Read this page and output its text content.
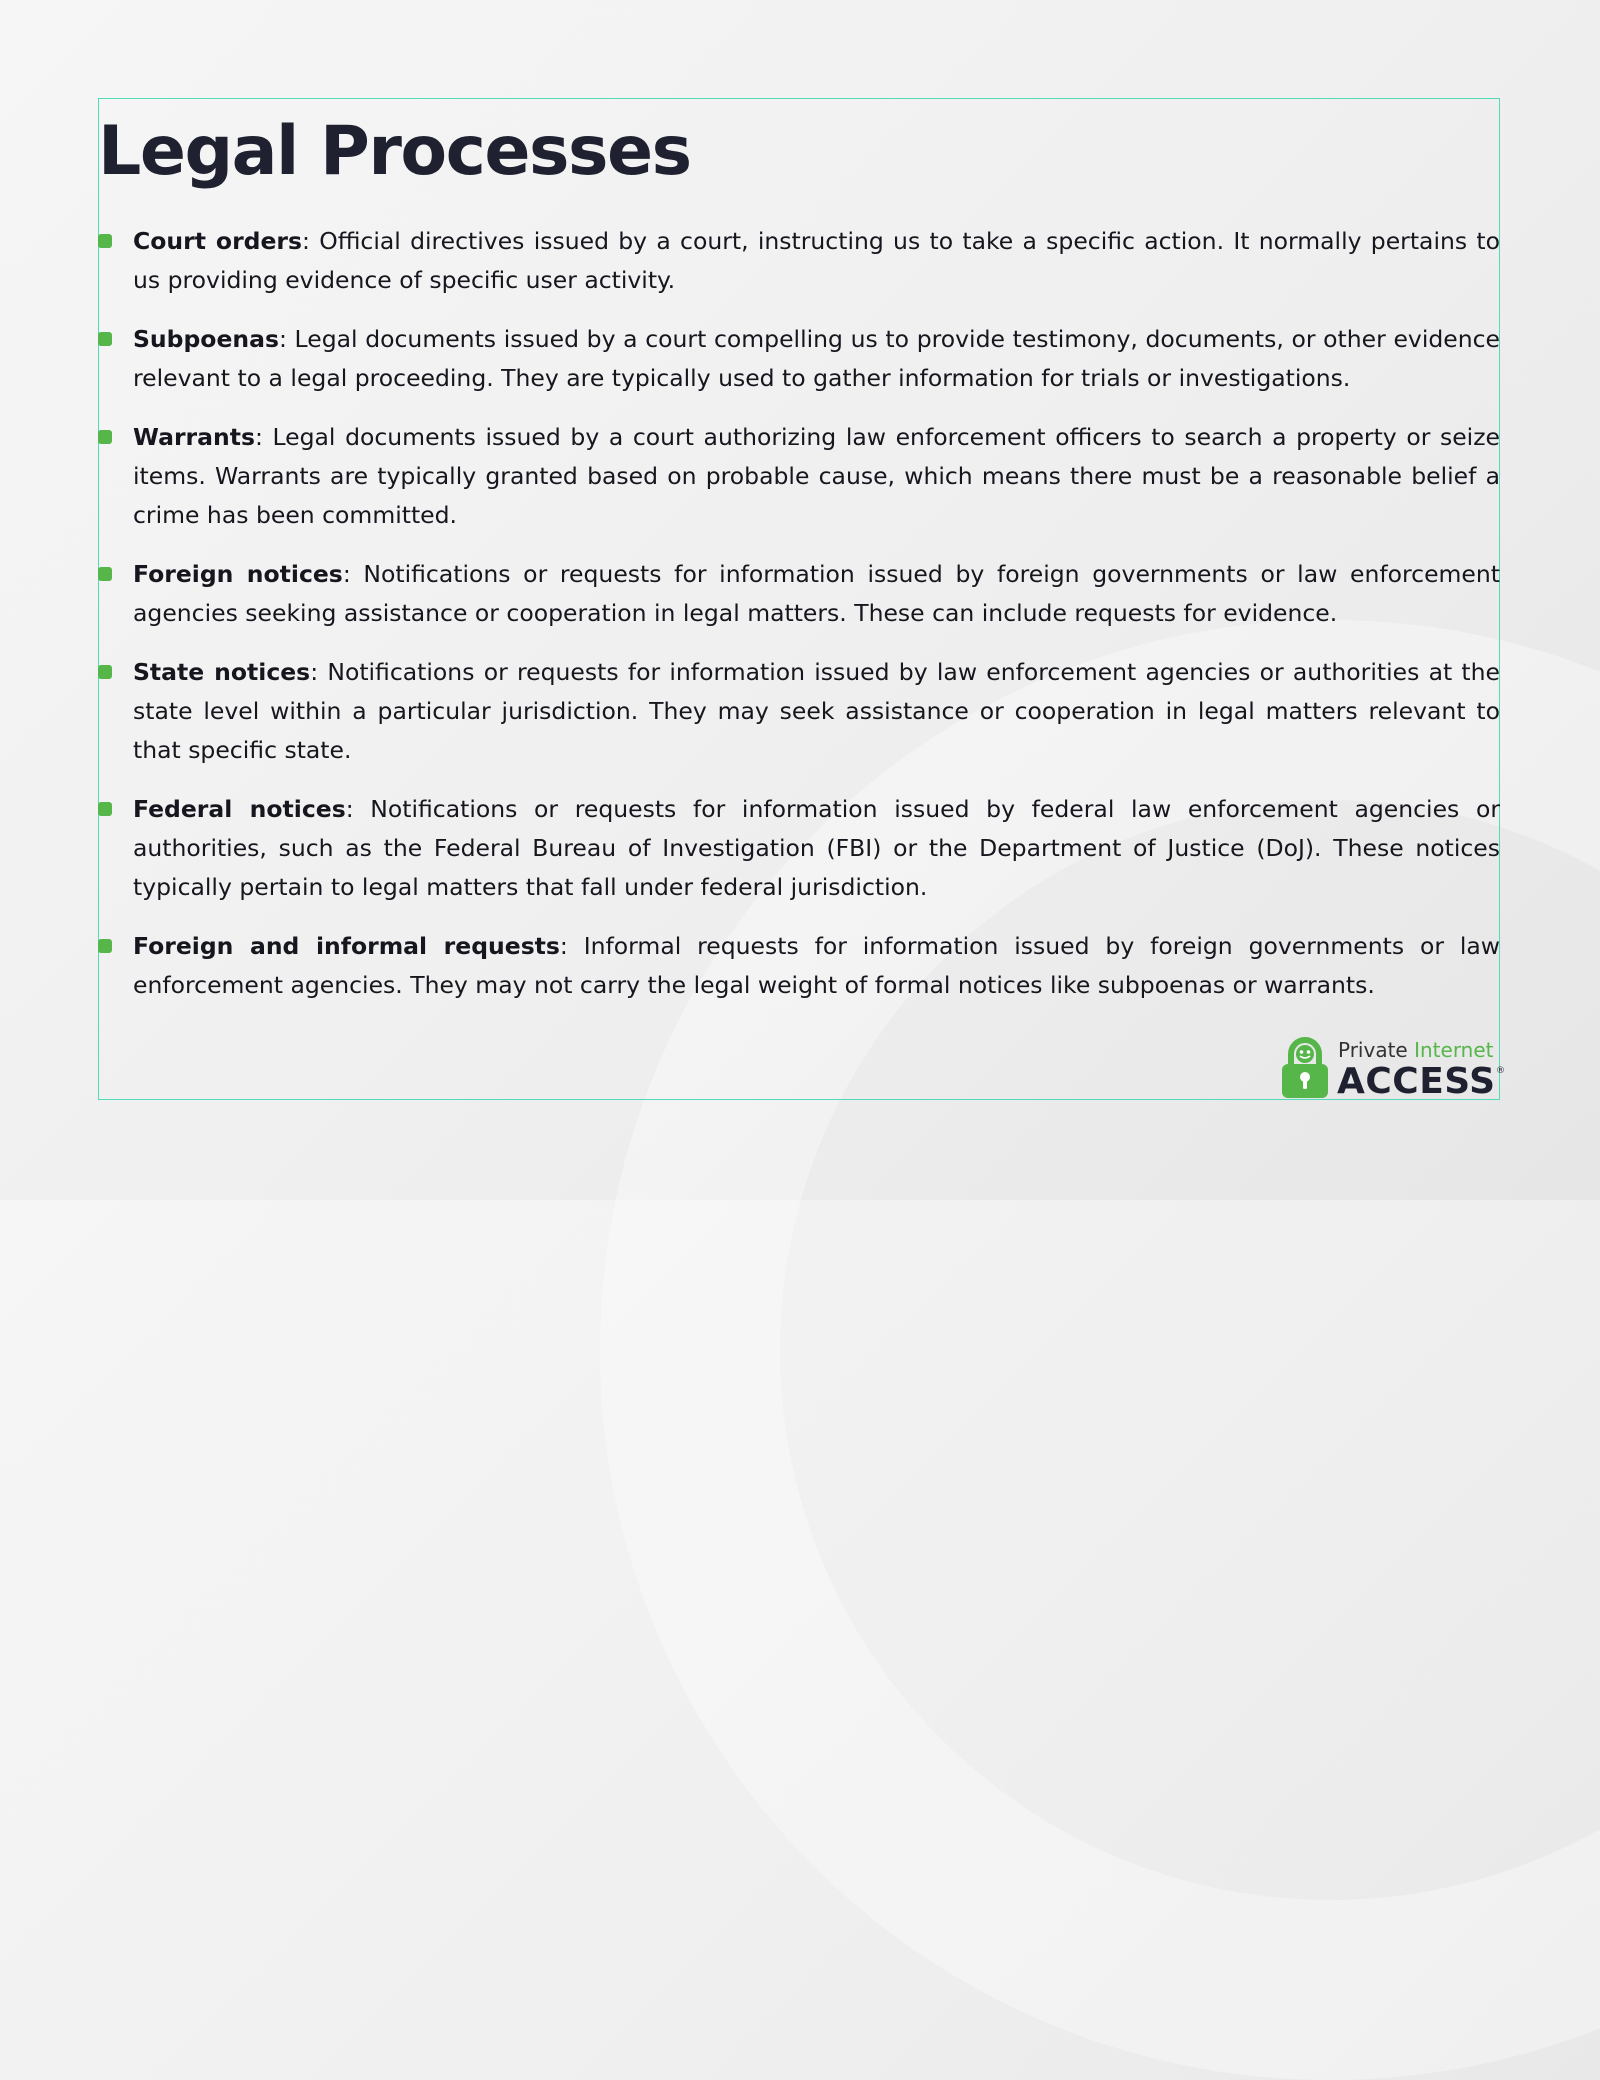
Legal Processes
Court orders: Official directives issued by a court, instructing us to take a specific action. It normally pertains to us providing evidence of specific user activity.
Subpoenas: Legal documents issued by a court compelling us to provide testimony, documents, or other evidence relevant to a legal proceeding. They are typically used to gather information for trials or investigations.
Warrants: Legal documents issued by a court authorizing law enforcement officers to search a property or seize items. Warrants are typically granted based on probable cause, which means there must be a reasonable belief a crime has been committed.
Foreign notices: Notifications or requests for information issued by foreign governments or law enforcement agencies seeking assistance or cooperation in legal matters. These can include requests for evidence.
State notices: Notifications or requests for information issued by law enforcement agencies or authorities at the state level within a particular jurisdiction. They may seek assistance or cooperation in legal matters relevant to that specific state.
Federal notices: Notifications or requests for information issued by federal law enforcement agencies or authorities, such as the Federal Bureau of Investigation (FBI) or the Department of Justice (DoJ). These notices typically pertain to legal matters that fall under federal jurisdiction.
Foreign and informal requests: Informal requests for information issued by foreign governments or law enforcement agencies. They may not carry the legal weight of formal notices like subpoenas or warrants.
Private Internet
ACCESS ®
